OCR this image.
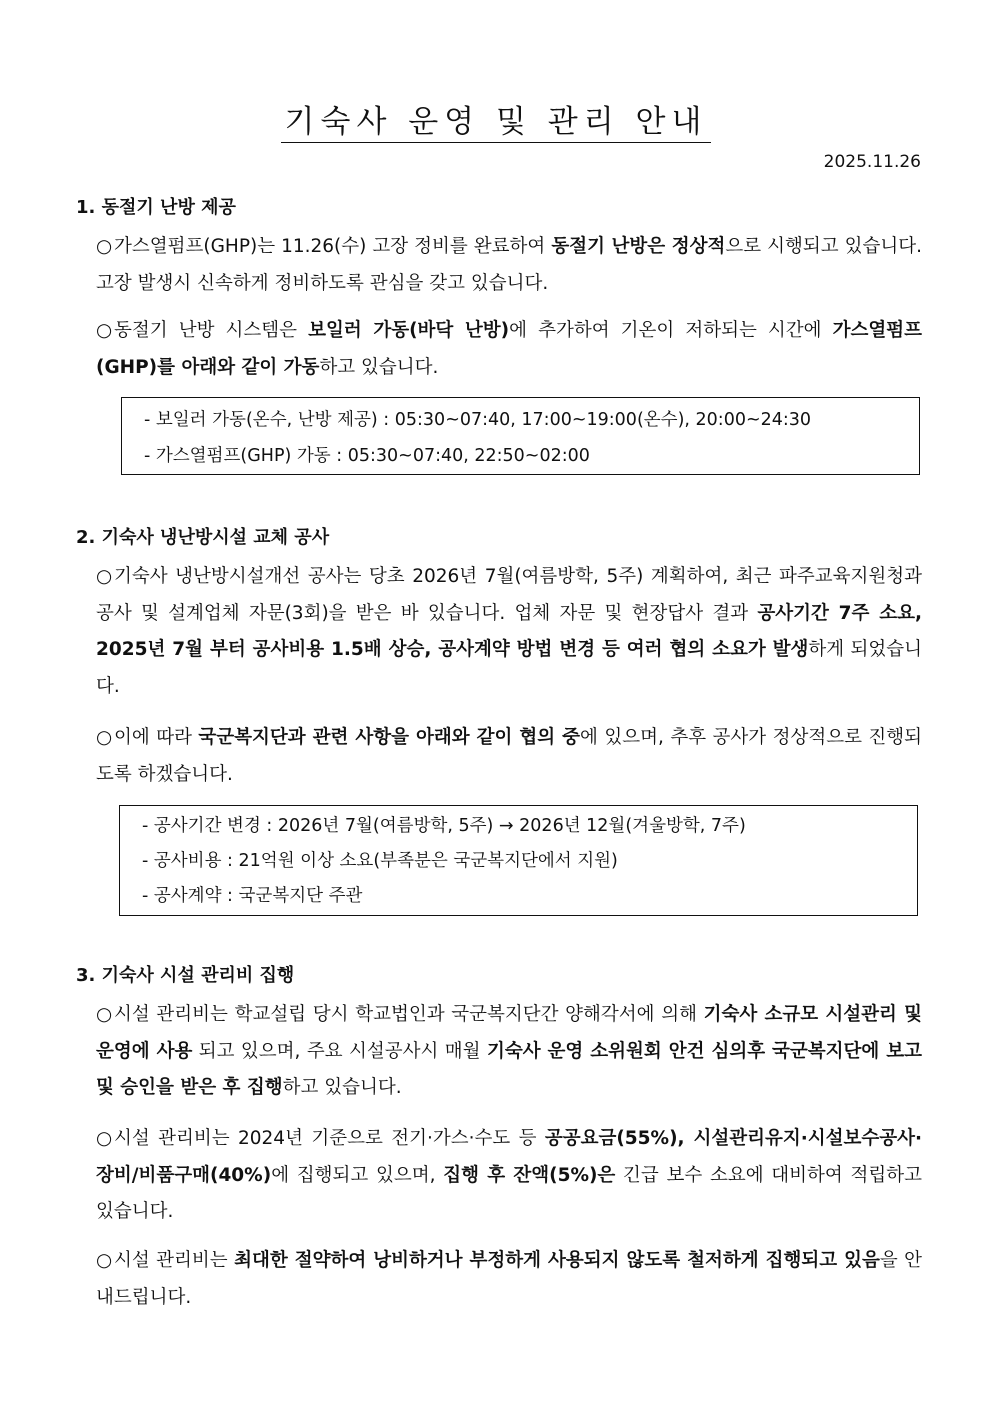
기숙사 운영 및 관리 안내
2025.11.26
1. 동절기 난방 제공
○가스열펌프(GHP)는 11.26(수) 고장 정비를 완료하여 동절기 난방은 정상적으로 시행되고 있습니다. 고장 발생시 신속하게 정비하도록 관심을 갖고 있습니다.
○동절기 난방 시스템은 보일러 가동(바닥 난방)에 추가하여 기온이 저하되는 시간에 가스열펌프(GHP)를 아래와 같이 가동하고 있습니다.
- 보일러 가동(온수, 난방 제공) : 05:30~07:40, 17:00~19:00(온수), 20:00~24:30
- 가스열펌프(GHP) 가동 : 05:30~07:40, 22:50~02:00
2. 기숙사 냉난방시설 교체 공사
○기숙사 냉난방시설개선 공사는 당초 2026년 7월(여름방학, 5주) 계획하여, 최근 파주교육지원청과 공사 및 설계업체 자문(3회)을 받은 바 있습니다. 업체 자문 및 현장답사 결과 공사기간 7주 소요, 2025년 7월 부터 공사비용 1.5배 상승, 공사계약 방법 변경 등 여러 협의 소요가 발생하게 되었습니다.
○이에 따라 국군복지단과 관련 사항을 아래와 같이 협의 중에 있으며, 추후 공사가 정상적으로 진행되도록 하겠습니다.
- 공사기간 변경 : 2026년 7월(여름방학, 5주) → 2026년 12월(겨울방학, 7주)
- 공사비용 : 21억원 이상 소요(부족분은 국군복지단에서 지원)
- 공사계약 : 국군복지단 주관
3. 기숙사 시설 관리비 집행
○시설 관리비는 학교설립 당시 학교법인과 국군복지단간 양해각서에 의해 기숙사 소규모 시설관리 및 운영에 사용 되고 있으며, 주요 시설공사시 매월 기숙사 운영 소위원회 안건 심의후 국군복지단에 보고 및 승인을 받은 후 집행하고 있습니다.
○시설 관리비는 2024년 기준으로 전기·가스·수도 등 공공요금(55%), 시설관리유지·시설보수공사·장비/비품구매(40%)에 집행되고 있으며, 집행 후 잔액(5%)은 긴급 보수 소요에 대비하여 적립하고 있습니다.
○시설 관리비는 최대한 절약하여 낭비하거나 부정하게 사용되지 않도록 철저하게 집행되고 있음을 안내드립니다.
